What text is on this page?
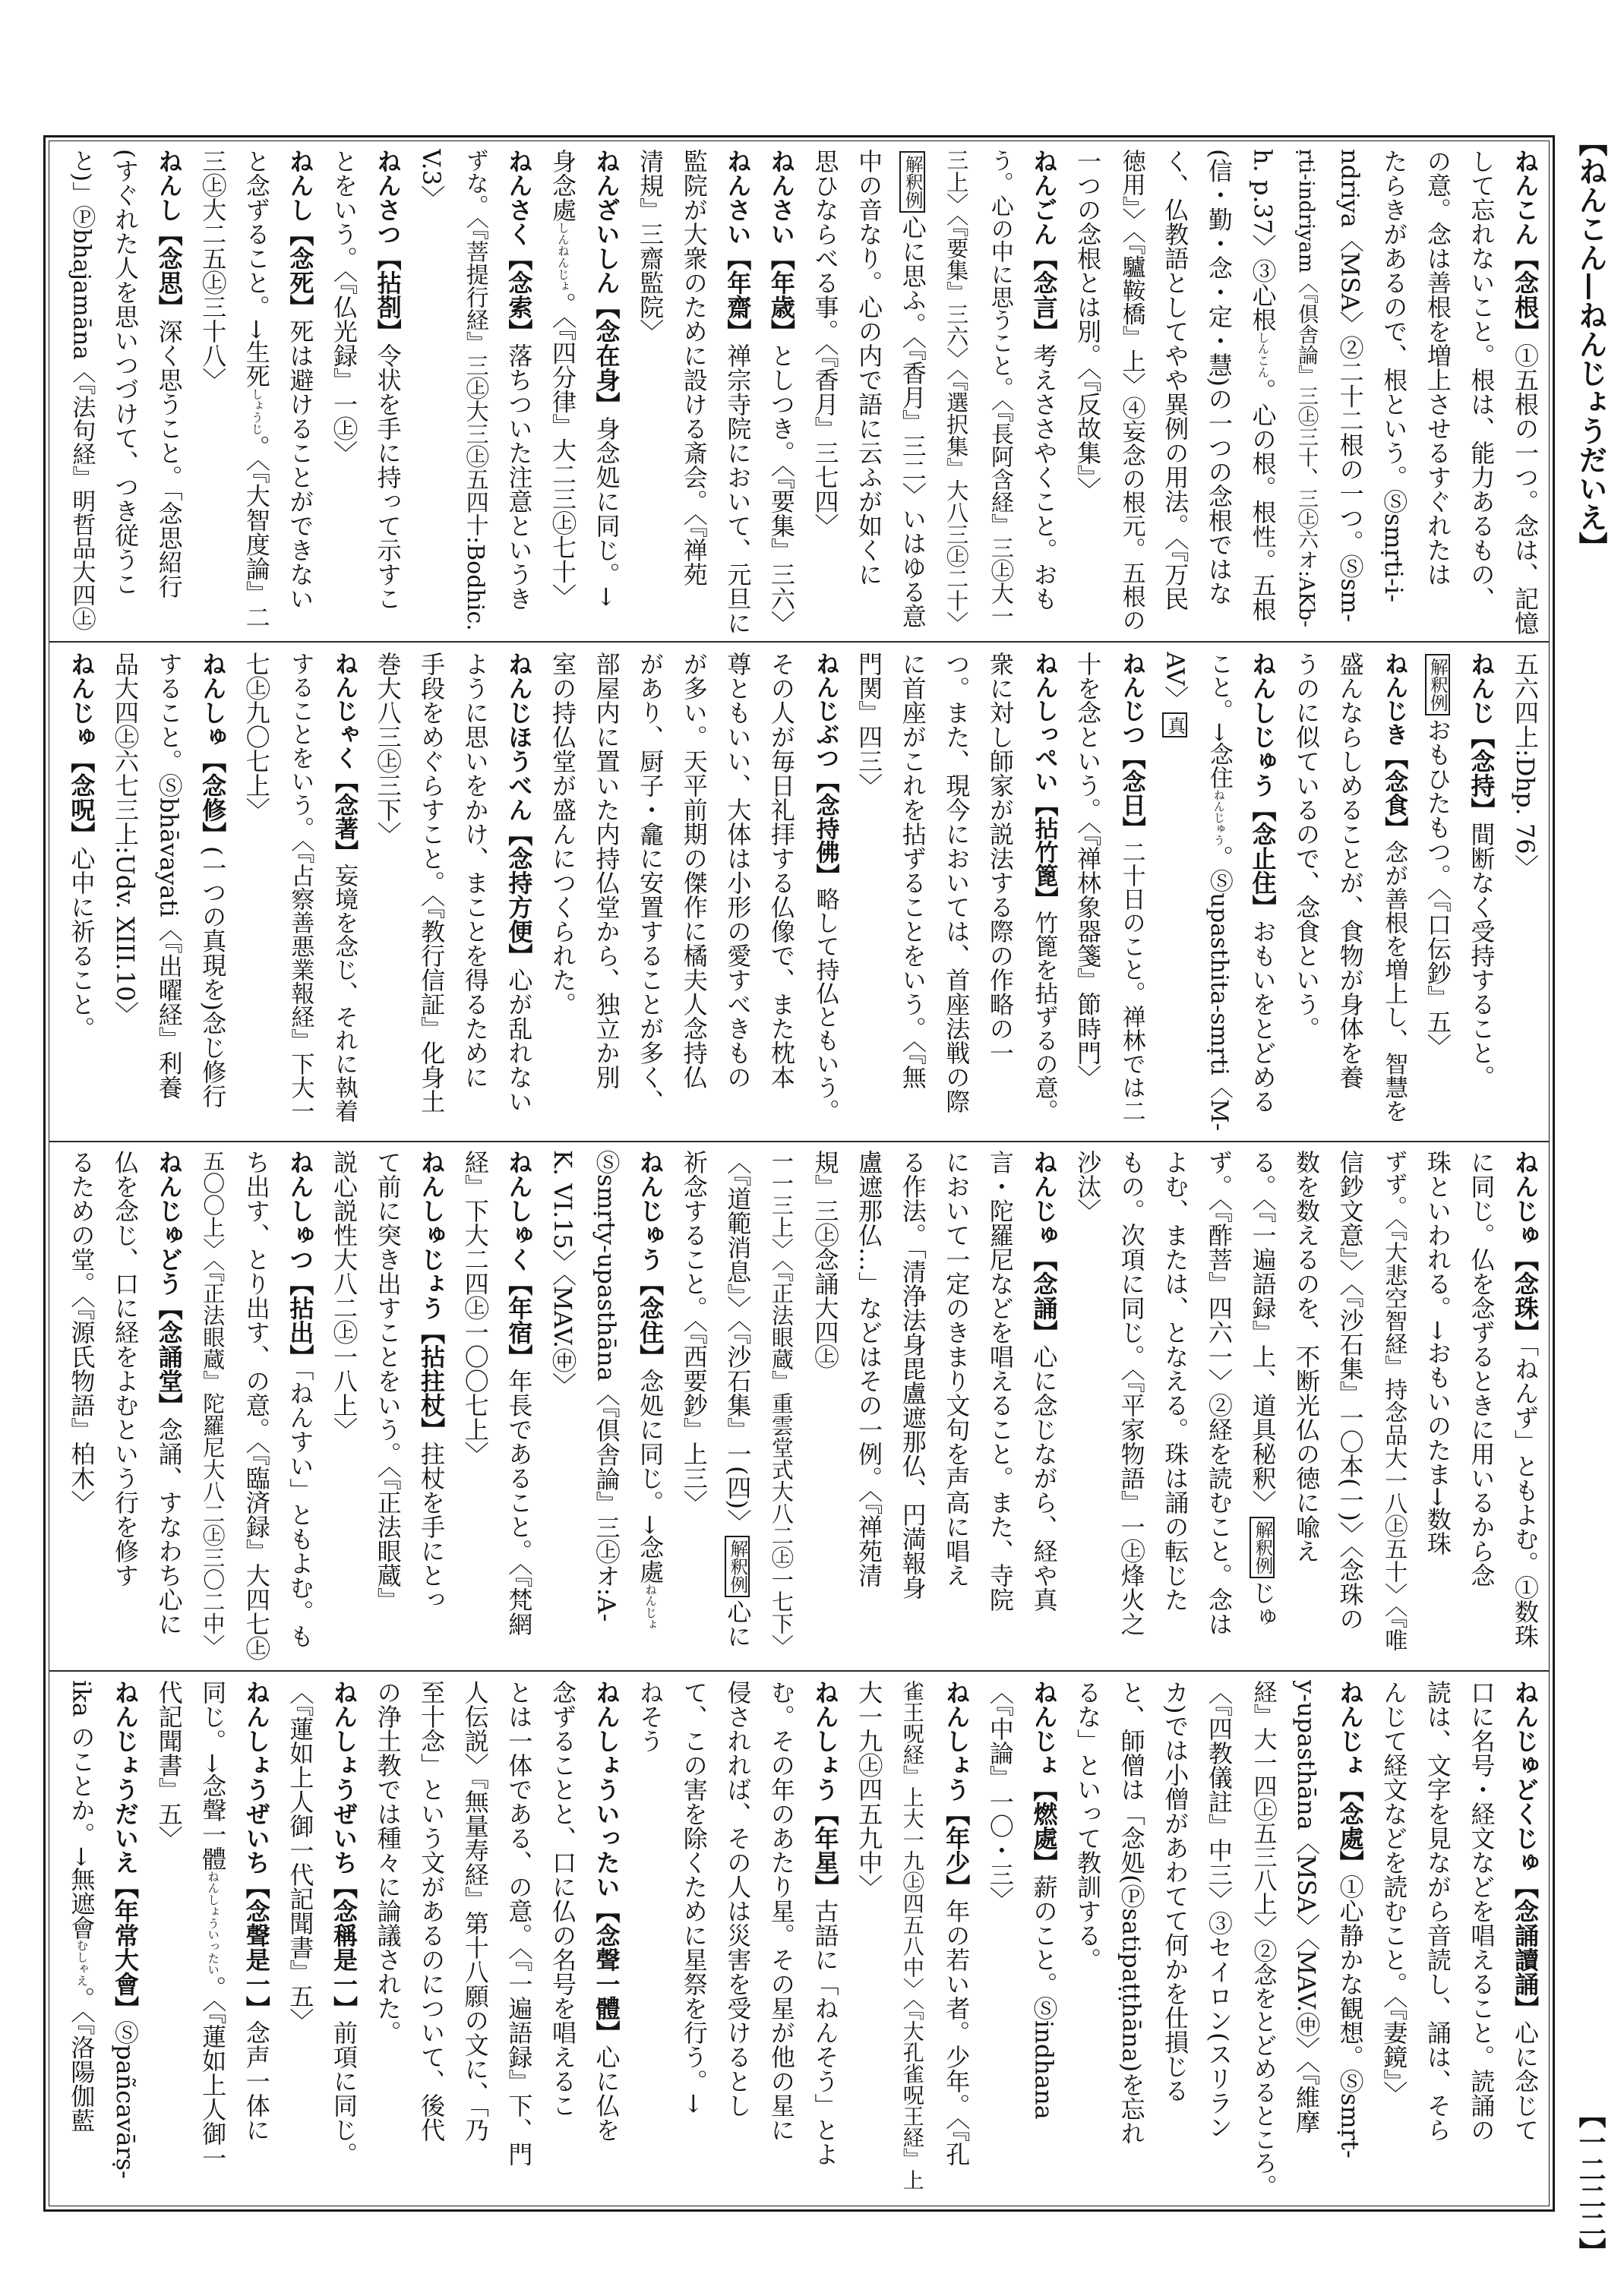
ねんこん【念根】①五根の一つ。念は、記憶
して忘れないこと。根は、能力あるもの、
の意。念は善根を増上させるすぐれたは
たらきがあるので、根という。Ⓢsmṛti-i-
ndriya〈MSA〉②二十二根の一つ。Ⓢsm-
ṛti-indriyam〈『倶舎論』三㊤三十、三㊤六オ:AKb-
h. p.37〉③心根しんこん。心の根。根性。五根
(信・勤・念・定・慧)の一つの念根ではな
く、仏教語としてやや異例の用法。〈『万民
徳用』〉〈『驢鞍橋』上〉④妄念の根元。五根の
一つの念根とは別。〈『反故集』〉
ねんごん【念言】考えささやくこと。おも
う。心の中に思うこと。〈『長阿含経』三㊤大一
三上〉〈『要集』三六〉〈『選択集』大八三㊤二十〉
解釈例心に思ふ。〈『香月』三二〉いはゆる意
中の音なり。心の内で語に云ふが如くに
思ひならべる事。〈『香月』三七四〉
ねんさい【年歳】としつき。〈『要集』三六〉
ねんさい【年齋】禅宗寺院において、元旦に
監院が大衆のために設ける斎会。〈『禅苑
清規』三齋監院〉
ねんざいしん【念在身】身念処に同じ。→
身念處しんねんじょ。〈『四分律』大二三㊤七十〉
ねんさく【念索】落ちついた注意というき
ずな。〈『菩提行経』三㊤大三㊤五四十:Bodhic.
V.3〉
ねんさつ【拈剳】令状を手に持って示すこ
とをいう。〈『仏光録』一㊤〉
ねんし【念死】死は避けることができない
と念ずること。→生死しょうじ。〈『大智度論』二
三㊤大二五㊤三十八〉
ねんし【念思】深く思うこと。「念思紹行
(すぐれた人を思いつづけて、つき従うこ
と)」Ⓟbhajamāna〈『法句経』明哲品大四㊤
五六四上:Dhp. 76〉
ねんじ【念持】間断なく受持すること。
解釈例おもひたもつ。〈『口伝鈔』五〉
ねんじき【念食】念が善根を増上し、智慧を
盛んならしめることが、食物が身体を養
うのに似ているので、念食という。
ねんしじゅう【念止住】おもいをとどめる
こと。→念住ねんじゅう。Ⓢupasthita-smṛti〈M-
AV〉真
ねんじつ【念日】二十日のこと。禅林では二
十を念という。〈『禅林象器箋』節時門〉
ねんしっぺい【拈竹篦】竹篦を拈ずるの意。
衆に対し師家が説法する際の作略の一
つ。また、現今においては、首座法戦の際
に首座がこれを拈ずることをいう。〈『無
門関』四三〉
ねんじぶつ【念持佛】略して持仏ともいう。
その人が毎日礼拝する仏像で、また枕本
尊ともいい、大体は小形の愛すべきもの
が多い。天平前期の傑作に橘夫人念持仏
があり、厨子・龕に安置することが多く、
部屋内に置いた内持仏堂から、独立か別
室の持仏堂が盛んにつくられた。
ねんじほうべん【念持方便】心が乱れない
ように思いをかけ、まことを得るために
手段をめぐらすこと。〈『教行信証』化身土
巻大八三㊤三下〉
ねんじゃく【念著】妄境を念じ、それに執着
することをいう。〈『占察善悪業報経』下大一
七㊤九〇七上〉
ねんしゅ【念修】(一つの真現を)念じ修行
すること。Ⓢbhāvayati〈『出曜経』利養
品大四㊤六七三上:Udv. XIII.10〉
ねんじゅ【念呪】心中に祈ること。
ねんじゅ【念珠】「ねんず」ともよむ。①数珠
に同じ。仏を念ずるときに用いるから念
珠といわれる。→おもいのたま→数珠
ずず。〈『大悲空智経』持念品大一八㊤五十〉〈『唯
信鈔文意』〉〈『沙石集』一〇本(一)〉〈念珠の
数を数えるのを、不断光仏の徳に喩え
る。〈『一遍語録』上、道具秘釈〉解釈例じゅ
ず。〈『酢菩』四六一〉②経を読むこと。念は
よむ、または、となえる。珠は誦の転じた
もの。次項に同じ。〈『平家物語』一㊤烽火之
沙汰〉
ねんじゅ【念誦】心に念じながら、経や真
言・陀羅尼などを唱えること。また、寺院
において一定のきまり文句を声高に唱え
る作法。「清浄法身毘盧遮那仏、円満報身
盧遮那仏…」などはその一例。〈『禅苑清
規』三㊤念誦大四㊤
一一三上〉〈『正法眼蔵』重雲堂式大八二㊤一七下〉
〈『道範消息』〉〈『沙石集』一(四)〉解釈例心に
祈念すること。〈『西要鈔』上三〉
ねんじゅう【念住】念処に同じ。→念處ねんじょ
Ⓢsmṛty-upasthāna〈『倶舎論』三㊤オ:A-
K. VI.15〉〈MAV.㊥〉
ねんしゅく【年宿】年長であること。〈『梵網
経』下大二四㊤一〇〇七上〉
ねんしゅじょう【拈拄杖】拄杖を手にとっ
て前に突き出すことをいう。〈『正法眼蔵』
説心説性大八二㊤一八上〉
ねんしゅつ【拈出】「ねんすい」ともよむ。も
ち出す、とり出す、の意。〈『臨済録』大四七㊤
五〇〇上〉〈『正法眼蔵』陀羅尼大八二㊤三〇二中〉
ねんじゅどう【念誦堂】念誦、すなわち心に
仏を念じ、口に経をよむという行を修す
るための堂。〈『源氏物語』柏木〉
ねんじゅどくじゅ【念誦讀誦】心に念じて
口に名号・経文などを唱えること。読誦の
読は、文字を見ながら音読し、誦は、そら
んじて経文などを読むこと。〈『妻鏡』〉
ねんじょ【念處】①心静かな観想。Ⓢsmṛt-
y-upasthāna〈MSA〉〈MAV.㊥〉〈『維摩
経』大一四㊤五三八上〉②念をとどめるところ。
〈『四教儀註』中三〉③セイロン(スリラン
カ)では小僧があわてて何かを仕損じる
と、師僧は「念処(Ⓟsatipaṭṭhāna)を忘れ
るな」といって教訓する。
ねんじょ【燃處】薪のこと。Ⓢindhana
〈『中論』一〇・三〉
ねんしょう【年少】年の若い者。少年。〈『孔
雀王呪経』上大一九㊤四五八中〉〈『大孔雀呪王経』上
大一九㊤四五九中〉
ねんしょう【年星】古語に「ねんそう」とよ
む。その年のあたり星。その星が他の星に
侵されれば、その人は災害を受けるとし
て、この害を除くために星祭を行う。→
ねそう
ねんしょういったい【念聲一體】心に仏を
念ずることと、口に仏の名号を唱えるこ
とは一体である、の意。〈『一遍語録』下、門
人伝説〉『無量寿経』第十八願の文に、「乃
至十念」という文があるのについて、後代
の浄土教では種々に論議された。
ねんしょうぜいち【念稱是一】前項に同じ。
〈『蓮如上人御一代記聞書』五〉
ねんしょうぜいち【念聲是一】念声一体に
同じ。→念聲一體ねんしょういったい。〈『蓮如上人御一
代記聞書』五〉
ねんじょうだいえ【年常大會】Ⓢpañcavārṣ-
ika のことか。→無遮會むしゃえ。〈『洛陽伽藍
【ねんこん—ねんじょうだいえ】
【一二二二】
